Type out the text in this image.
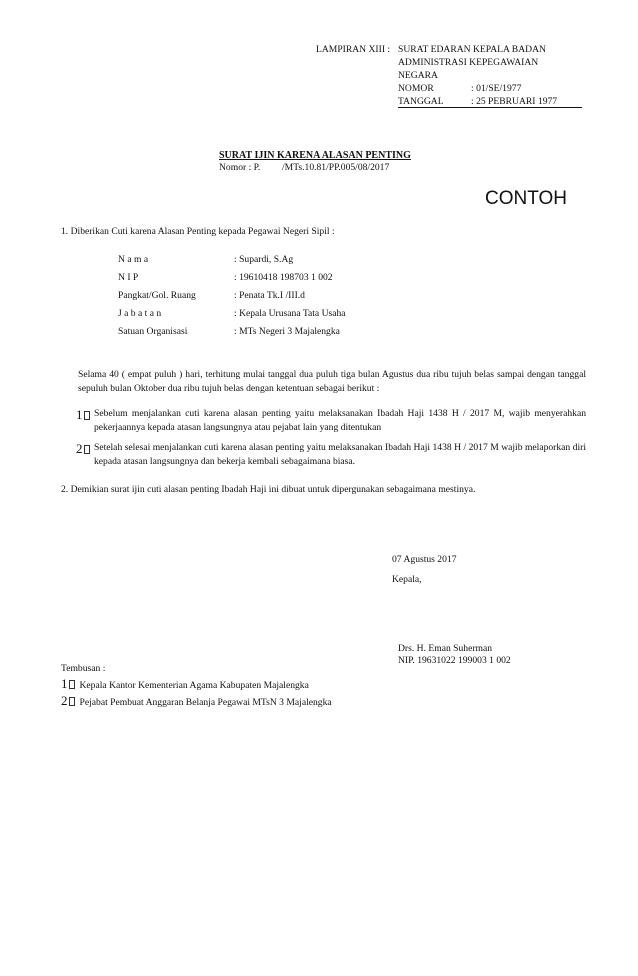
LAMPIRAN XIII : SURAT EDARAN KEPALA BADAN
ADMINISTRASI KEPEGAWAIAN
NEGARA
NOMOR	: 01/SE/1977
TANGGAL	: 25 PEBRUARI 1977
SURAT IJIN KARENA ALASAN PENTING
Nomor : P. /MTs.10.81/PP.005/08/2017
CONTOH
1. Diberikan Cuti karena Alasan Penting kepada Pegawai Negeri Sipil :
N a m a	: Supardi, S.Ag
N I P	: 19610418 198703 1 002
Pangkat/Gol. Ruang	: Penata Tk.I /III.d
J a b a t a n	: Kepala Urusana Tata Usaha
Satuan Organisasi	: MTs Negeri 3 Majalengka
Selama 40 ( empat puluh ) hari, terhitung mulai tanggal dua puluh tiga bulan Agustus dua ribu tujuh belas sampai dengan tanggal sepuluh bulan Oktober dua ribu tujuh belas dengan ketentuan sebagai berikut :
1	Sebelum menjalankan cuti karena alasan penting yaitu melaksanakan Ibadah Haji 1438 H / 2017 M, wajib menyerahkan pekerjaannya kepada atasan langsungnya atau pejabat lain yang ditentukan
2	Setelah selesai menjalankan cuti karena alasan penting yaitu melaksanakan Ibadah Haji 1438 H / 2017 M wajib melaporkan diri kepada atasan langsungnya dan bekerja kembali sebagaimana biasa.
2. Demikian surat ijin cuti alasan penting Ibadah Haji ini dibuat untuk dipergunakan sebagaimana mestinya.
07 Agustus 2017
Kepala,
Drs. H. Eman Suherman
NIP. 19631022 199003 1 002
Tembusan :
1 Kepala Kantor Kementerian Agama Kabupaten Majalengka
2 Pejabat Pembuat Anggaran Belanja Pegawai MTsN 3 Majalengka
